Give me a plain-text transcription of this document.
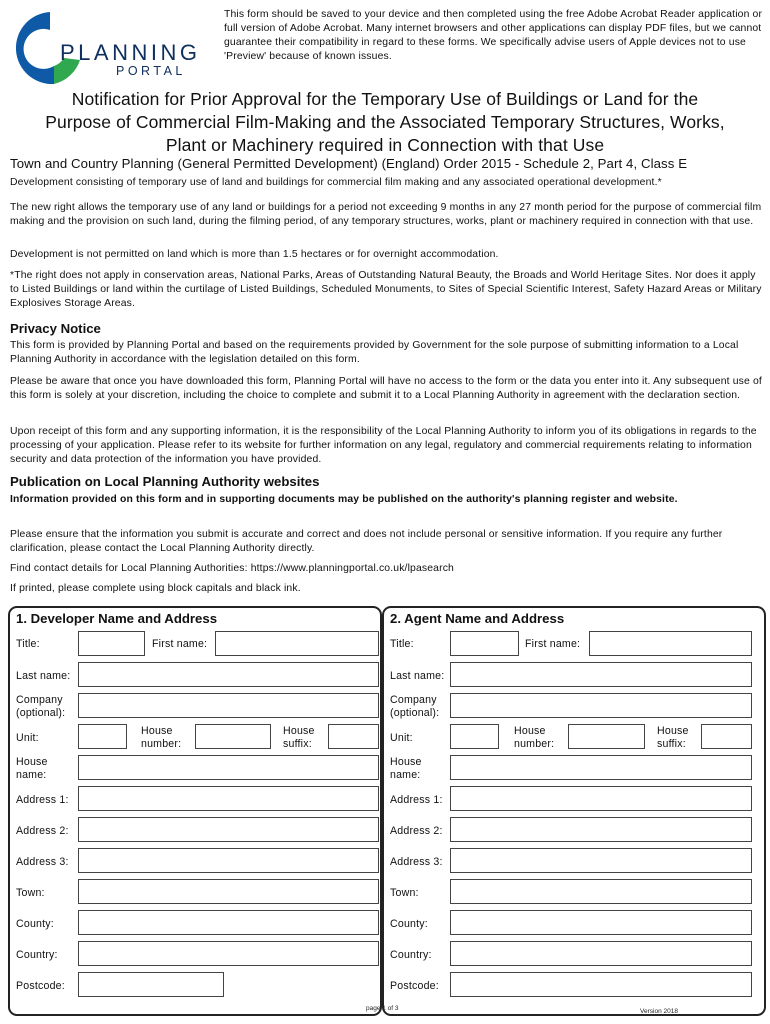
PLANNING
PORTAL
This form should be saved to your device and then completed using the free Adobe Acrobat Reader application or full version of Adobe Acrobat. Many internet browsers and other applications can display PDF files, but we cannot guarantee their compatibility in regard to these forms. We specifically advise users of Apple devices not to use 'Preview' because of known issues.
Notification for Prior Approval for the Temporary Use of Buildings or Land for the
Purpose of Commercial Film-Making and the Associated Temporary Structures, Works,
Plant or Machinery required in Connection with that Use
Town and Country Planning (General Permitted Development) (England) Order 2015 - Schedule 2, Part 4, Class E
Development consisting of temporary use of land and buildings for commercial film making and any associated operational development.*
The new right allows the temporary use of any land or buildings for a period not exceeding 9 months in any 27 month period for the purpose of commercial film making and the provision on such land, during the filming period, of any temporary structures, works, plant or machinery required in connection with that use.
Development is not permitted on land which is more than 1.5 hectares or for overnight accommodation.
*The right does not apply in conservation areas, National Parks, Areas of Outstanding Natural Beauty, the Broads and World Heritage Sites. Nor does it apply to Listed Buildings or land within the curtilage of Listed Buildings, Scheduled Monuments, to Sites of Special Scientific Interest, Safety Hazard Areas or Military Explosives Storage Areas.
Privacy Notice
This form is provided by Planning Portal and based on the requirements provided by Government for the sole purpose of submitting information to a Local Planning Authority in accordance with the legislation detailed on this form.
Please be aware that once you have downloaded this form, Planning Portal will have no access to the form or the data you enter into it. Any subsequent use of this form is solely at your discretion, including the choice to complete and submit it to a Local Planning Authority in agreement with the declaration section.
Upon receipt of this form and any supporting information, it is the responsibility of the Local Planning Authority to inform you of its obligations in regards to the processing of your application. Please refer to its website for further information on any legal, regulatory and commercial requirements relating to information security and data protection of the information you have provided.
Publication on Local Planning Authority websites
Information provided on this form and in supporting documents may be published on the authority's planning register and website.
Please ensure that the information you submit is accurate and correct and does not include personal or sensitive information. If you require any further clarification, please contact the Local Planning Authority directly.
Find contact details for Local Planning Authorities: https://www.planningportal.co.uk/lpasearch
If printed, please complete using block capitals and black ink.
1. Developer Name and Address
Title:	First name:
Last name:
Company
(optional):
Unit:
House
number:
House
suffix:
House
name:
Address 1:
Address 2:
Address 3:
Town:
County:
Country:
Postcode:
2. Agent Name and Address
Title:	First name:
Last name:
Company
(optional):
Unit:
House
number:
House
suffix:
House
name:
Address 1:
Address 2:
Address 3:
Town:
County:
Country:
Postcode:
page 1 of 3	Version 2018
